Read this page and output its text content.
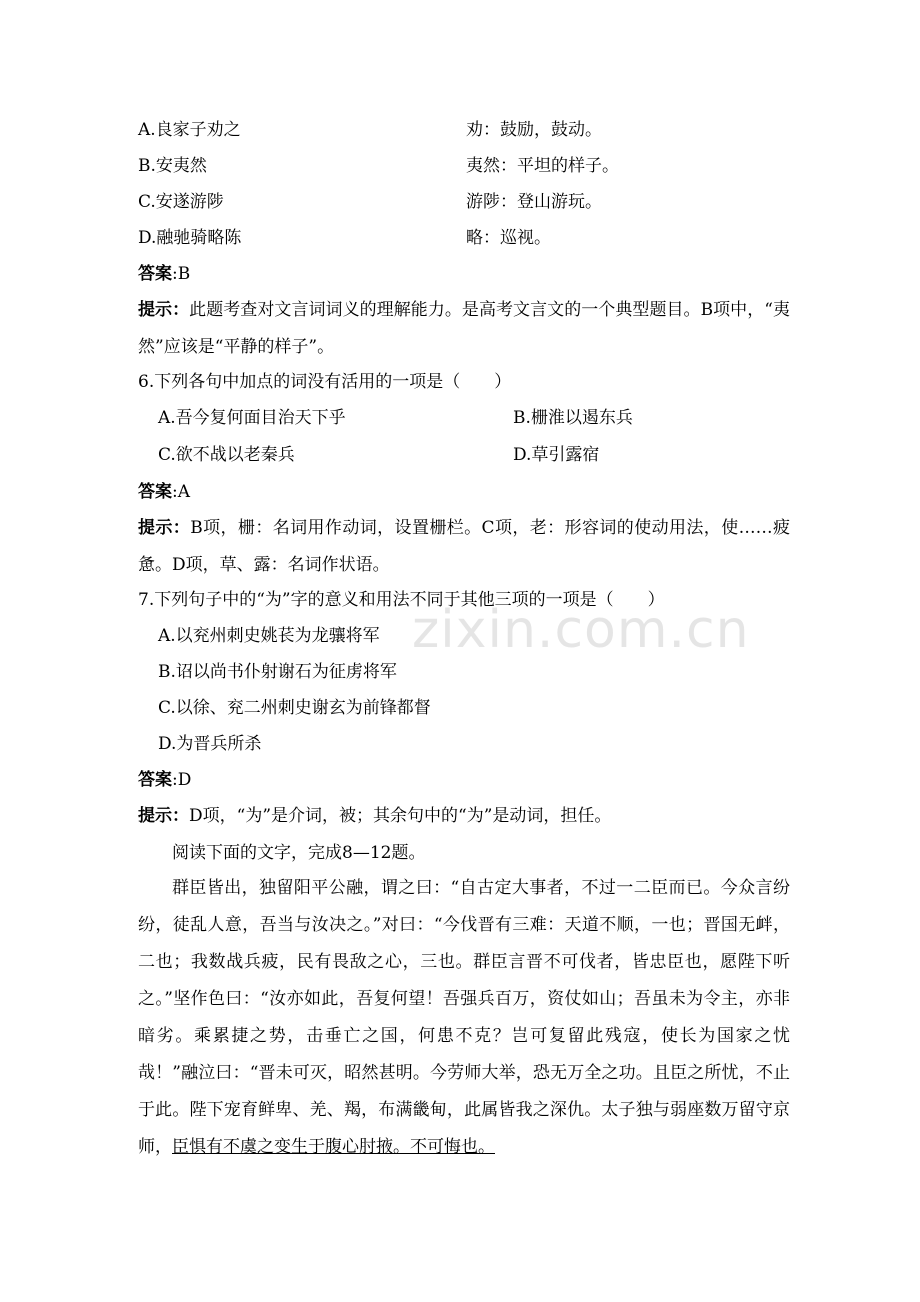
A.良家子劝之	劝：鼓励，鼓动。
B.安夷然	夷然：平坦的样子。
C.安遂游陟	游陟：登山游玩。
D.融驰骑略陈	略：巡视。
答案:B
提示：此题考查对文言词词义的理解能力。是高考文言文的一个典型题目。B项中，“夷然”应该是“平静的样子”。
6.下列各句中加点的词没有活用的一项是（　　）
A.吾今复何面目治天下乎	B.栅淮以遏东兵
C.欲不战以老秦兵	D.草引露宿
答案:A
提示：B项，栅：名词用作动词，设置栅栏。C项，老：形容词的使动用法，使……疲惫。D项，草、露：名词作状语。
7.下列句子中的“为”字的意义和用法不同于其他三项的一项是（　　）
A.以兖州刺史姚苌为龙骧将军
B.诏以尚书仆射谢石为征虏将军
C.以徐、兖二州刺史谢玄为前锋都督
D.为晋兵所杀
答案:D
提示：D项，“为”是介词，被；其余句中的“为”是动词，担任。
阅读下面的文字，完成8—12题。
群臣皆出，独留阳平公融，谓之曰：“自古定大事者，不过一二臣而已。今众言纷纷，徒乱人意，吾当与汝决之。”对曰：“今伐晋有三难：天道不顺，一也；晋国无衅，二也；我数战兵疲，民有畏敌之心，三也。群臣言晋不可伐者，皆忠臣也，愿陛下听之。”坚作色曰：“汝亦如此，吾复何望！吾强兵百万，资仗如山；吾虽未为令主，亦非暗劣。乘累捷之势，击垂亡之国，何患不克？岂可复留此残寇，使长为国家之忧哉！”融泣曰：“晋未可灭，昭然甚明。今劳师大举，恐无万全之功。且臣之所忧，不止于此。陛下宠育鲜卑、羌、羯，布满畿甸，此属皆我之深仇。太子独与弱座数万留守京师，臣惧有不虞之变生于腹心肘掖。不可悔也。
zixin.com.cn
